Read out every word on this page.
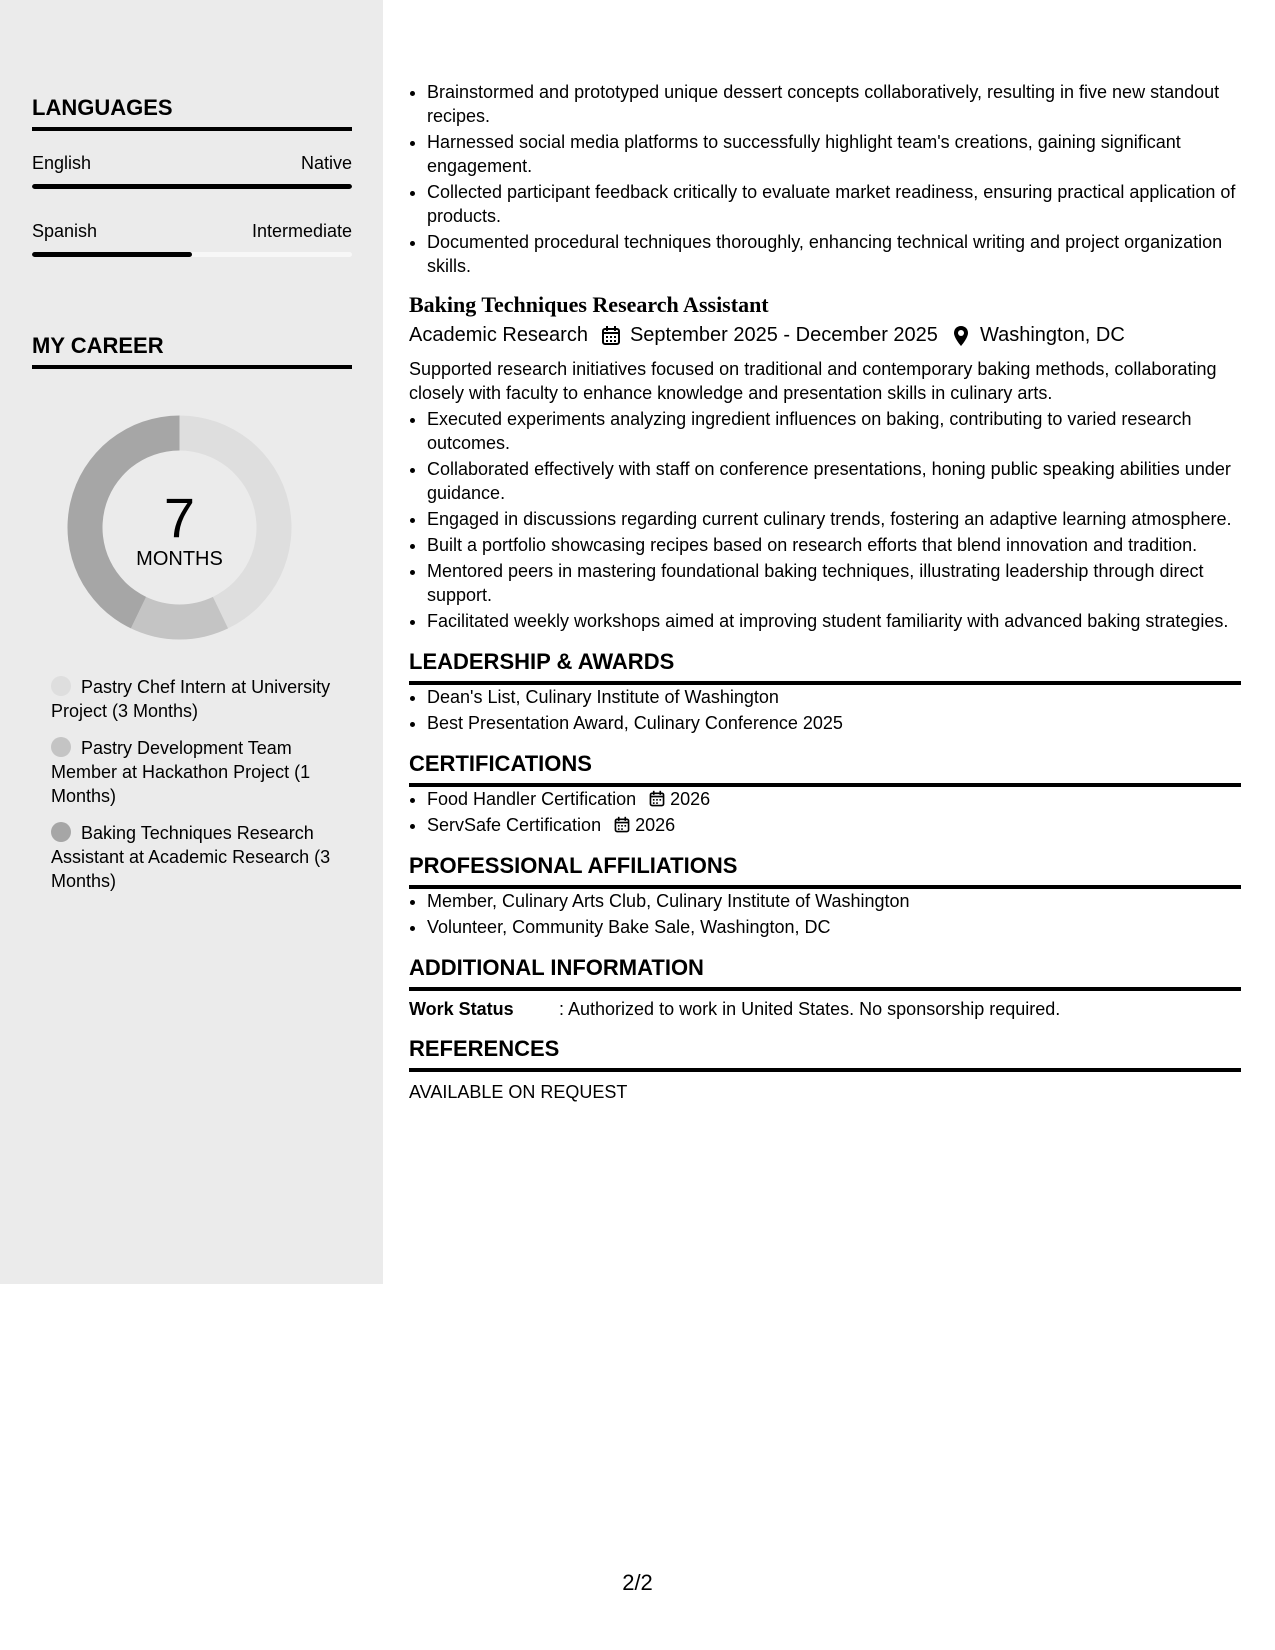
LANGUAGES
English	Native
Spanish	Intermediate
MY CAREER
7
MONTHS
Pastry Chef Intern at University Project (3 Months)
Pastry Development Team Member at Hackathon Project (1 Months)
Baking Techniques Research Assistant at Academic Research (3 Months)
• Brainstormed and prototyped unique dessert concepts collaboratively, resulting in five new standout recipes.
• Harnessed social media platforms to successfully highlight team's creations, gaining significant engagement.
• Collected participant feedback critically to evaluate market readiness, ensuring practical application of products.
• Documented procedural techniques thoroughly, enhancing technical writing and project organization skills.
Baking Techniques Research Assistant
Academic Research September 2025 - December 2025 Washington, DC

Supported research initiatives focused on traditional and contemporary baking methods, collaborating closely with faculty to enhance knowledge and presentation skills in culinary arts.

• Executed experiments analyzing ingredient influences on baking, contributing to varied research outcomes.
• Collaborated effectively with staff on conference presentations, honing public speaking abilities under guidance.
• Engaged in discussions regarding current culinary trends, fostering an adaptive learning atmosphere.
• Built a portfolio showcasing recipes based on research efforts that blend innovation and tradition.
• Mentored peers in mastering foundational baking techniques, illustrating leadership through direct support.
• Facilitated weekly workshops aimed at improving student familiarity with advanced baking strategies.
LEADERSHIP & AWARDS
• Dean's List, Culinary Institute of Washington
• Best Presentation Award, Culinary Conference 2025
CERTIFICATIONS
• Food Handler Certification 2026
• ServSafe Certification 2026
PROFESSIONAL AFFILIATIONS
• Member, Culinary Arts Club, Culinary Institute of Washington
• Volunteer, Community Bake Sale, Washington, DC
ADDITIONAL INFORMATION
Work Status	: Authorized to work in United States. No sponsorship required.
REFERENCES
AVAILABLE ON REQUEST
2/2
